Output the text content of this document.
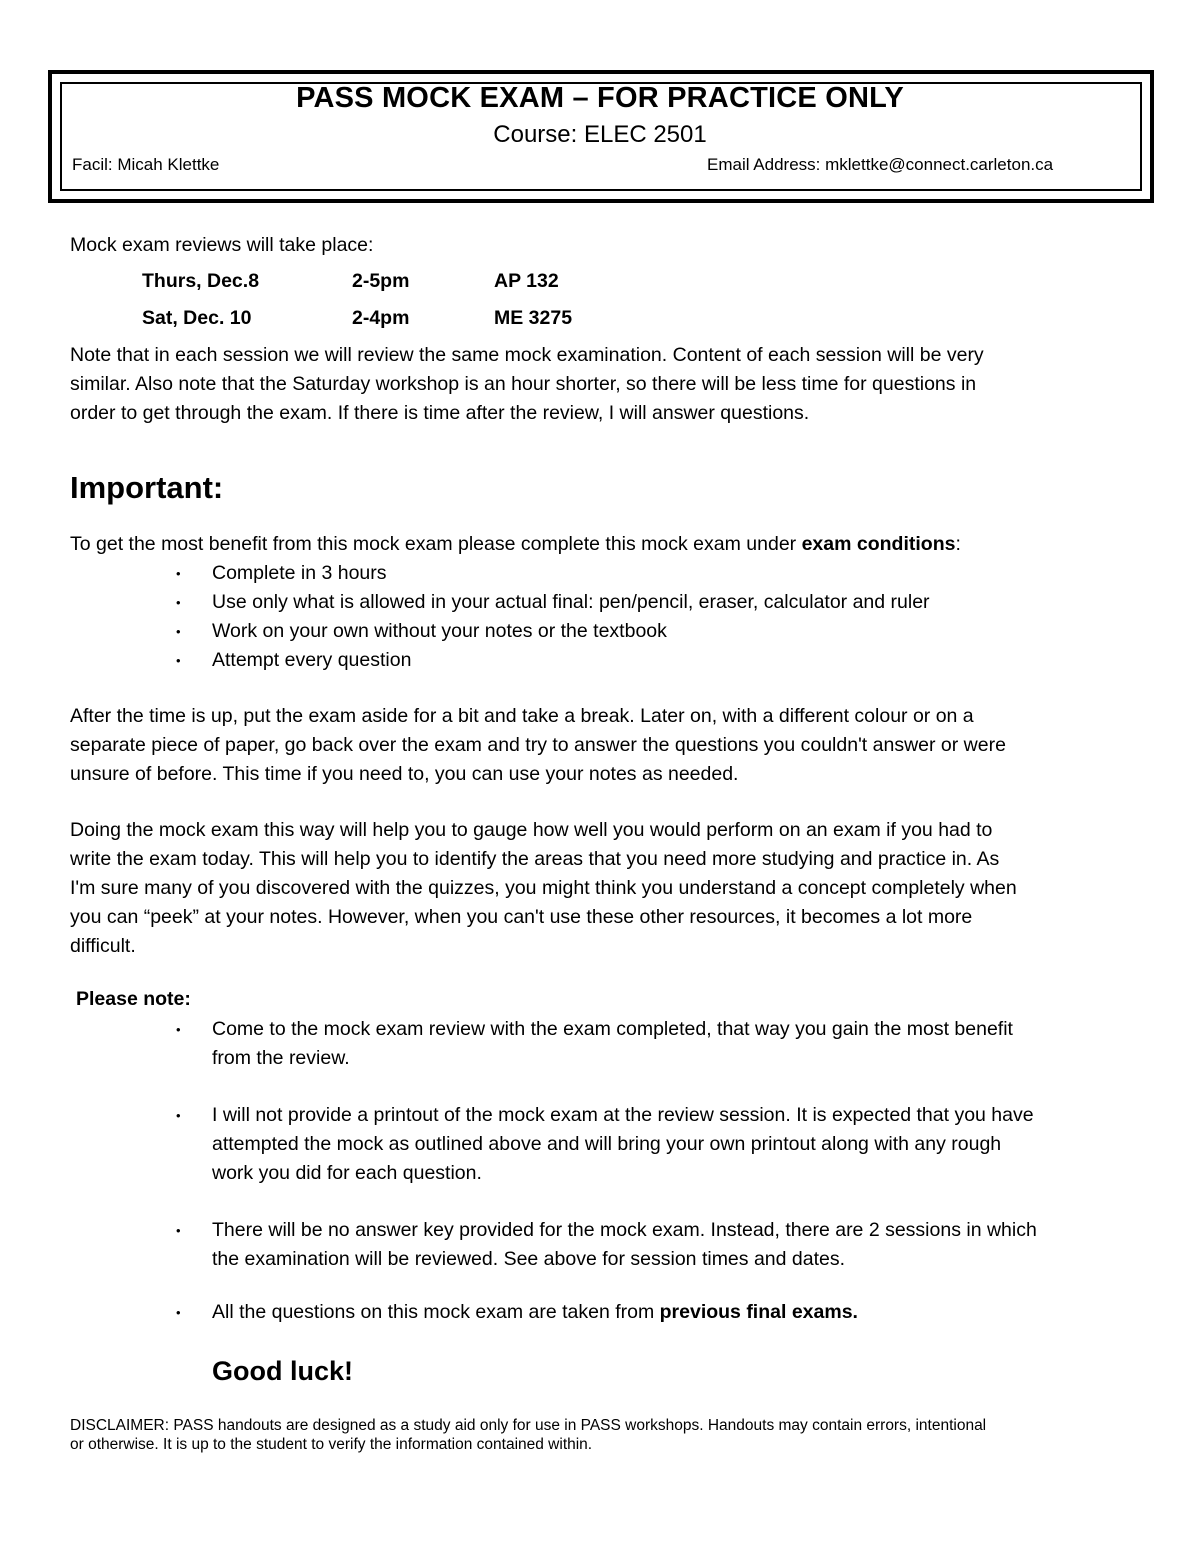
PASS MOCK EXAM – FOR PRACTICE ONLY
Course: ELEC 2501
Facil: Micah Klettke	Email Address: mklettke@connect.carleton.ca
Mock exam reviews will take place:
Thurs, Dec.8	2-5pm	AP 132
Sat, Dec. 10	2-4pm	ME 3275
Note that in each session we will review the same mock examination. Content of each session will be very
similar. Also note that the Saturday workshop is an hour shorter, so there will be less time for questions in
order to get through the exam. If there is time after the review, I will answer questions.
Important:
To get the most benefit from this mock exam please complete this mock exam under exam conditions:
• Complete in 3 hours
• Use only what is allowed in your actual final: pen/pencil, eraser, calculator and ruler
• Work on your own without your notes or the textbook
• Attempt every question
After the time is up, put the exam aside for a bit and take a break. Later on, with a different colour or on a
separate piece of paper, go back over the exam and try to answer the questions you couldn't answer or were
unsure of before. This time if you need to, you can use your notes as needed.
Doing the mock exam this way will help you to gauge how well you would perform on an exam if you had to
write the exam today. This will help you to identify the areas that you need more studying and practice in. As
I'm sure many of you discovered with the quizzes, you might think you understand a concept completely when
you can “peek” at your notes. However, when you can't use these other resources, it becomes a lot more
difficult.
Please note:
• Come to the mock exam review with the exam completed, that way you gain the most benefit
from the review.
• I will not provide a printout of the mock exam at the review session. It is expected that you have
attempted the mock as outlined above and will bring your own printout along with any rough
work you did for each question.
• There will be no answer key provided for the mock exam. Instead, there are 2 sessions in which
the examination will be reviewed. See above for session times and dates.
• All the questions on this mock exam are taken from previous final exams.
Good luck!
DISCLAIMER: PASS handouts are designed as a study aid only for use in PASS workshops. Handouts may contain errors, intentional
or otherwise. It is up to the student to verify the information contained within.
